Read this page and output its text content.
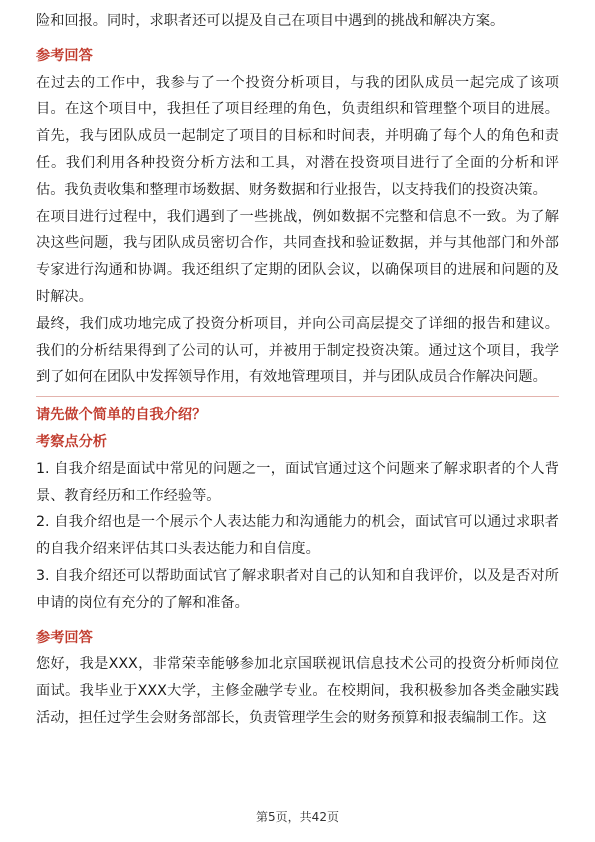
险和回报。同时，求职者还可以提及自己在项目中遇到的挑战和解决方案。

参考回答

在过去的工作中，我参与了一个投资分析项目，与我的团队成员一起完成了该项目。在这个项目中，我担任了项目经理的角色，负责组织和管理整个项目的进展。首先，我与团队成员一起制定了项目的目标和时间表，并明确了每个人的角色和责任。我们利用各种投资分析方法和工具，对潜在投资项目进行了全面的分析和评估。我负责收集和整理市场数据、财务数据和行业报告，以支持我们的投资决策。

在项目进行过程中，我们遇到了一些挑战，例如数据不完整和信息不一致。为了解决这些问题，我与团队成员密切合作，共同查找和验证数据，并与其他部门和外部专家进行沟通和协调。我还组织了定期的团队会议，以确保项目的进展和问题的及时解决。

最终，我们成功地完成了投资分析项目，并向公司高层提交了详细的报告和建议。我们的分析结果得到了公司的认可，并被用于制定投资决策。通过这个项目，我学到了如何在团队中发挥领导作用，有效地管理项目，并与团队成员合作解决问题。

请先做个简单的自我介绍？

考察点分析

1. 自我介绍是面试中常见的问题之一，面试官通过这个问题来了解求职者的个人背景、教育经历和工作经验等。

2. 自我介绍也是一个展示个人表达能力和沟通能力的机会，面试官可以通过求职者的自我介绍来评估其口头表达能力和自信度。

3. 自我介绍还可以帮助面试官了解求职者对自己的认知和自我评价，以及是否对所申请的岗位有充分的了解和准备。

参考回答

您好，我是XXX，非常荣幸能够参加北京国联视讯信息技术公司的投资分析师岗位面试。我毕业于XXX大学，主修金融学专业。在校期间，我积极参加各类金融实践活动，担任过学生会财务部部长，负责管理学生会的财务预算和报表编制工作。这

第5页，共42页
